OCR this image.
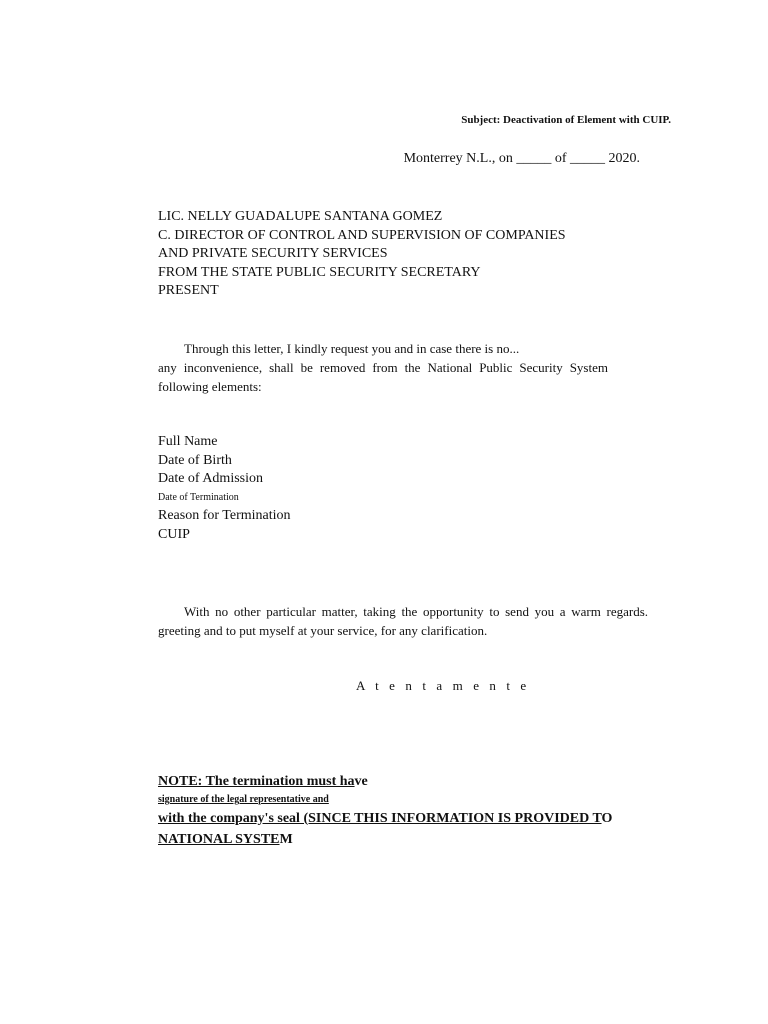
Subject: Deactivation of Element with CUIP.
Monterrey N.L., on _____ of _____ 2020.
LIC. NELLY GUADALUPE SANTANA GOMEZ
C. DIRECTOR OF CONTROL AND SUPERVISION OF COMPANIES
AND PRIVATE SECURITY SERVICES
FROM THE STATE PUBLIC SECURITY SECRETARY
PRESENT
Through this letter, I kindly request you and in case there is no...
any inconvenience, shall be removed from the National Public Security System
following elements:
Full Name
Date of Birth
Date of Admission
Date of Termination
Reason for Termination
CUIP
With no other particular matter, taking the opportunity to send you a warm regards.
greeting and to put myself at your service, for any clarification.
A t e n t a m e n t e
NOTE: The termination must have
signature of the legal representative and
with the company's seal (SINCE THIS INFORMATION IS PROVIDED TO
NATIONAL SYSTEM
